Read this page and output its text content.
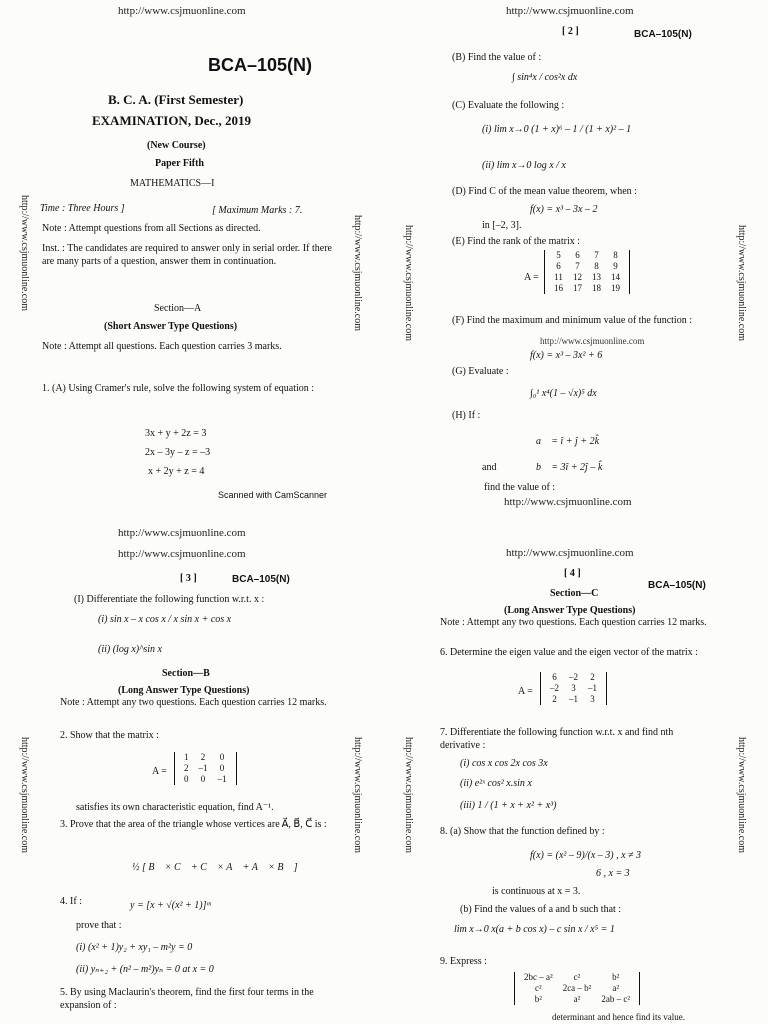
http://www.csjmuonline.com
BCA–105(N)
B. C. A. (First Semester)
EXAMINATION, Dec., 2019
(New Course)
Paper Fifth
MATHEMATICS—I
Time : Three Hours ]	[ Maximum Marks : 7.
Note : Attempt questions from all Sections as directed.
Inst. : The candidates are required to answer only in serial order. If there are many parts of a question, answer them in continuation.
Section—A
(Short Answer Type Questions)
Note : Attempt all questions. Each question carries 3 marks.
1. (A) Using Cramer's rule, solve the following system of equation :
3x + y + 2z = 3
2x – 3y – z = –3
x + 2y + z = 4
Scanned with CamScanner
http://www.csjmuonline.com	http://www.csjmuonline.com
http://www.csjmuonline.com
[ 2 ]	BCA–105(N)
(B) Find the value of :
∫ sin⁴x / cos²x dx
(C) Evaluate the following :
(i) lim x→0 (1 + x)⁶ – 1 / (1 + x)² – 1
(ii) lim x→0 log x / x
(D) Find C of the mean value theorem, when :
f(x) = x³ – 3x – 2
in [–2, 3].
(E) Find the rank of the matrix :
A =
5	6	7	8
6	7	8	9
11	12	13	14
16	17	18	19
(F) Find the maximum and minimum value of the function :
http://www.csjmuonline.com
f(x) = x³ – 3x² + 6
(G) Evaluate :
∫₀¹ x⁴(1 – √x)⁵ dx
(H) If :
a⃗ = î + ĵ + 2k̂
and	b⃗ = 3î + 2ĵ – k̂
find the value of :
http://www.csjmuonline.com
http://www.csjmuonline.com	http://www.csjmuonline.com
http://www.csjmuonline.com
http://www.csjmuonline.com
[ 3 ]	BCA–105(N)
(I) Differentiate the following function w.r.t. x :
(i) sin x – x cos x / x sin x + cos x
(ii) (log x)^sin x
Section—B
(Long Answer Type Questions)
Note : Attempt any two questions. Each question carries 12 marks.
2. Show that the matrix :
A =
1	2	0
2	–1	0
0	0	–1
satisfies its own characteristic equation, find A⁻¹.
3. Prove that the area of the triangle whose vertices are A⃗, B⃗, C⃗ is :
½ [ B⃗ × C⃗ + C⃗ × A⃗ + A⃗ × B⃗ ]
4. If :	y = [x + √(x² + 1)]ᵐ
prove that :
(i) (x² + 1)y₂ + xy₁ – m²y = 0
(ii) yₙ₊₂ + (n² – m²)yₙ = 0 at x = 0
5. By using Maclaurin's theorem, find the first four terms in the expansion of :
http://www.csjmuonline.com	http://www.csjmuonline.com
http://www.csjmuonline.com
[ 4 ]
BCA–105(N)
Section—C
(Long Answer Type Questions)
Note : Attempt any two questions. Each question carries 12 marks.
6. Determine the eigen value and the eigen vector of the matrix :
A =
6	–2	2
–2	3	–1
2	–1	3
7. Differentiate the following function w.r.t. x and find nth derivative :
(i) cos x cos 2x cos 3x
(ii) e²ˣ cos² x.sin x
(iii) 1 / (1 + x + x² + x³)
8. (a) Show that the function defined by :
f(x) = (x² – 9)/(x – 3) , x ≠ 3
6 , x = 3
is continuous at x = 3.
(b) Find the values of a and b such that :
lim x→0 x(a + b cos x) – c sin x / x⁵ = 1
9. Express :
2bc – a²	c²	b²
c²	2ca – b²	a²
b²	a²	2ab – c²
determinant and hence find its value.
http://www.csjmuonline.com	http://www.csjmuonline.com
